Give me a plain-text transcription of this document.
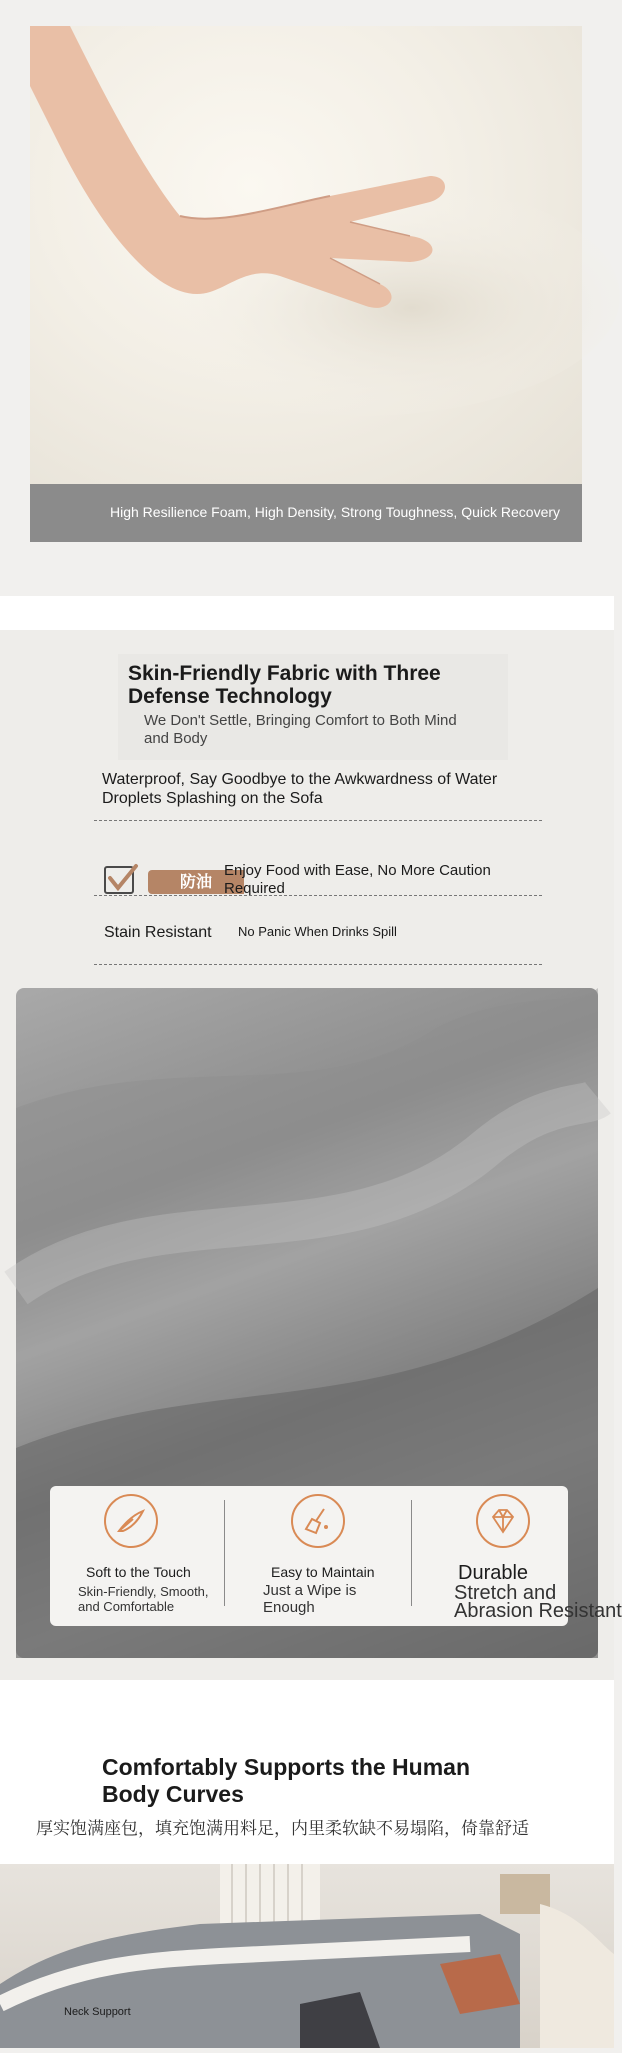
High Resilience Foam, High Density, Strong Toughness, Quick Recovery
Skin-Friendly Fabric with Three Defense Technology

We Don't Settle, Bringing Comfort to Both Mind and Body

Waterproof, Say Goodbye to the Awkwardness of Water Droplets Splashing on the Sofa

防油

Enjoy Food with Ease, No More Caution Required

Stain Resistant No Panic When Drinks Spill
Soft to the Touch
Skin-Friendly, Smooth, and Comfortable
Easy to Maintain
Just a Wipe is Enough
Durable
Stretch and
Abrasion Resistant
Comfortably Supports the Human Body Curves

厚实饱满座包，填充饱满用料足，内里柔软缺不易塌陷，倚靠舒适

Neck Support
